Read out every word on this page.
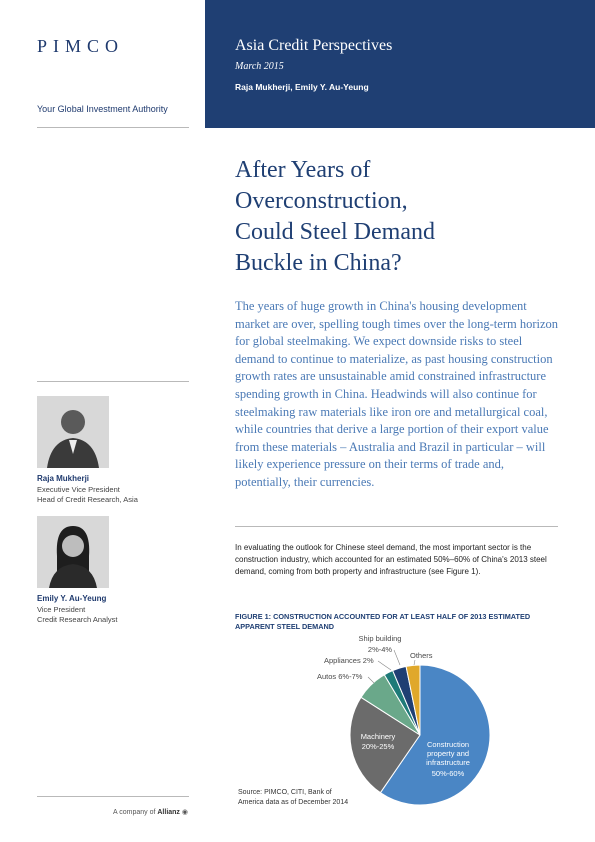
PIMCO
Your Global Investment Authority
Raja Mukherji
Executive Vice President
Head of Credit Research, Asia
Emily Y. Au-Yeung
Vice President
Credit Research Analyst
A company of Allianz ◉
Asia Credit Perspectives
March 2015
Raja Mukherji, Emily Y. Au-Yeung
After Years of
Overconstruction,
Could Steel Demand
Buckle in China?
The years of huge growth in China's housing development market are over, spelling tough times over the long-term horizon for global steelmaking. We expect downside risks to steel demand to continue to materialize, as past housing construction growth rates are unsustainable amid constrained infrastructure spending growth in China. Headwinds will also continue for steelmaking raw materials like iron ore and metallurgical coal, while countries that derive a large portion of their export value from these materials – Australia and Brazil in particular – will likely experience pressure on their terms of trade and, potentially, their currencies.
In evaluating the outlook for Chinese steel demand, the most important sector is the construction industry, which accounted for an estimated 50%–60% of China's 2013 steel demand, coming from both property and infrastructure (see Figure 1).
FIGURE 1: CONSTRUCTION ACCOUNTED FOR AT LEAST HALF OF 2013 ESTIMATED
APPARENT STEEL DEMAND
Construction
property and
infrastructure
50%-60%
Machinery
20%-25%
Autos 6%-7%
Appliances 2%
Ship building
2%-4%
Others
Source: PIMCO, CITI, Bank of
America data as of December 2014
